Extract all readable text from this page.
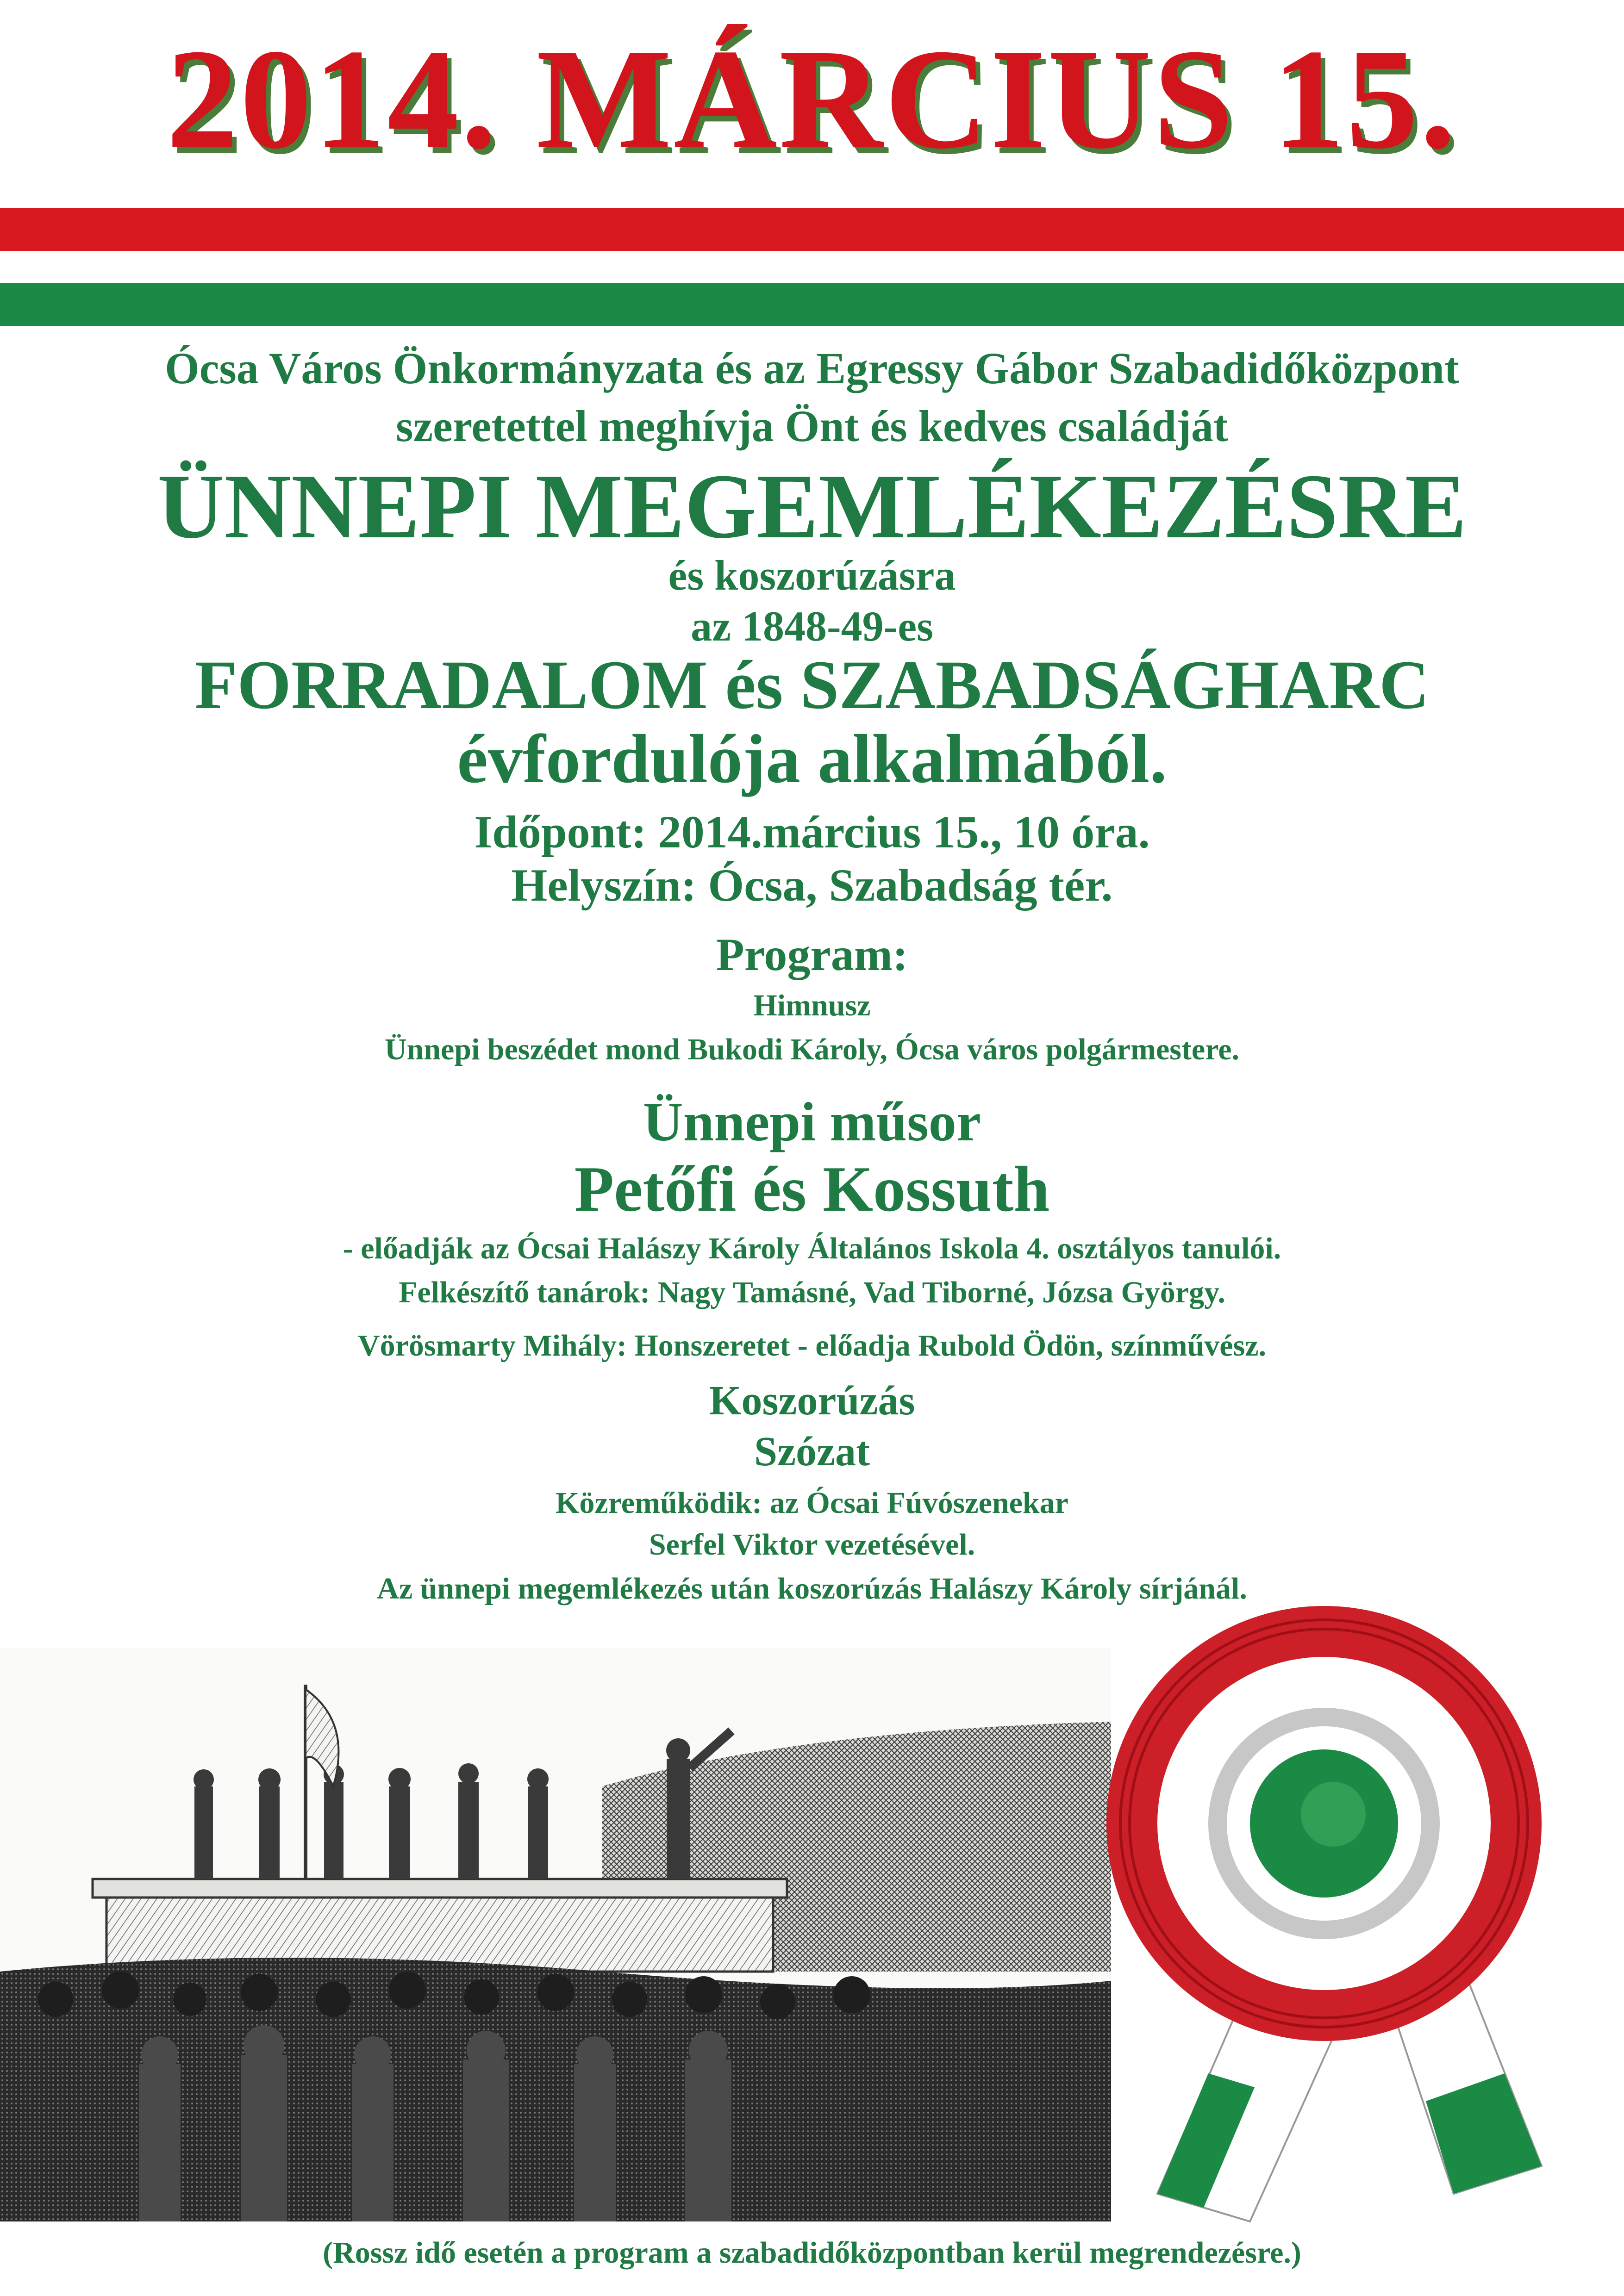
2014. MÁRCIUS 15.
Ócsa Város Önkormányzata és az Egressy Gábor Szabadidőközpont
szeretettel meghívja Önt és kedves családját
ÜNNEPI MEGEMLÉKEZÉSRE
és koszorúzásra
az 1848-49-es
FORRADALOM és SZABADSÁGHARC
évfordulója alkalmából.
Időpont: 2014.március 15., 10 óra.
Helyszín: Ócsa, Szabadság tér.
Program:
Himnusz
Ünnepi beszédet mond Bukodi Károly, Ócsa város polgármestere.
Ünnepi műsor
Petőfi és Kossuth
- előadják az Ócsai Halászy Károly Általános Iskola 4. osztályos tanulói.
Felkészítő tanárok: Nagy Tamásné, Vad Tiborné, Józsa György.
Vörösmarty Mihály: Honszeretet - előadja Rubold Ödön, színművész.
Koszorúzás
Szózat
Közreműködik: az Ócsai Fúvószenekar
Serfel Viktor vezetésével.
Az ünnepi megemlékezés után koszorúzás Halászy Károly sírjánál.
(Rossz idő esetén a program a szabadidőközpontban kerül megrendezésre.)
